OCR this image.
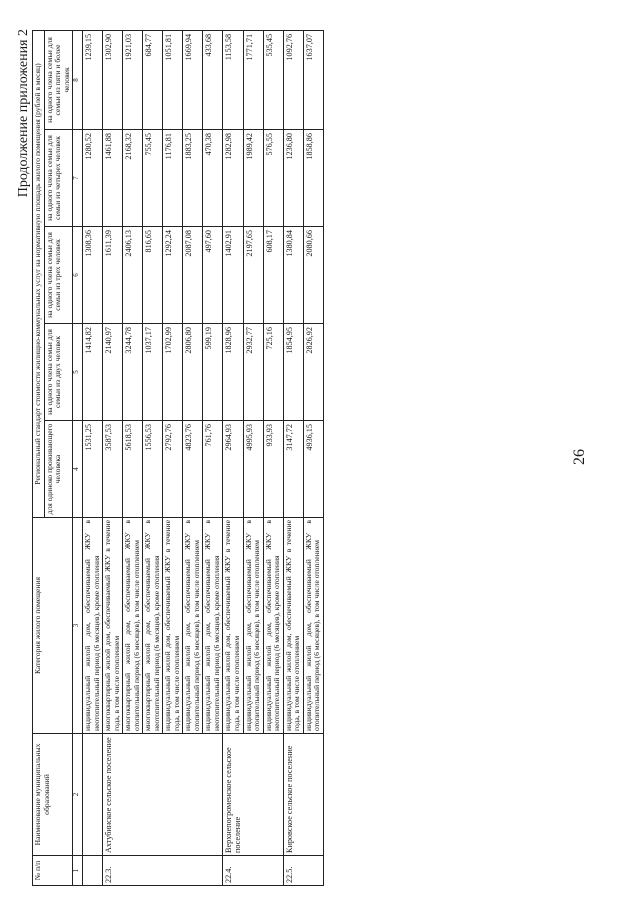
Продолжение приложения 2
№ п/п	Наименование муниципальных образований	Категория жилого помещения	Региональный стандарт стоимости жилищно-коммунальных услуг на нормативную площадь жилого помещения (рублей в месяц)				
			для одиноко проживающего человека	на одного члена семьи для семьи из двух человек	на одного члена семьи для семьи из трех человек	на одного члена семьи для семьи из четырех человек	на одного члена семьи для семьи из пяти и более человек
1	2	3	4	5	6	7	8
		индивидуальный жилой дом, обеспечиваемый ЖКУ в неотопительный период (6 месяцев), кроме отопления	1531,25	1414,82	1308,36	1280,52	1239,15
22.3.	Ахтубинское сельское поселение	многоквартирный жилой дом, обеспечиваемый ЖКУ в течение года, в том числе отоплением	3587,53	2140,97	1611,39	1461,88	1302,90
		многоквартирный жилой дом, обеспечиваемый ЖКУ в отопительный период (6 месяцев), в том числе отоплением	5618,53	3244,78	2406,13	2168,32	1921,03
		многоквартирный жилой дом, обеспечиваемый ЖКУ в неотопительный период (6 месяцев), кроме отопления	1556,53	1037,17	816,65	755,45	684,77
		индивидуальный жилой дом, обеспечиваемый ЖКУ в течение года, в том числе отоплением	2792,76	1702,99	1292,24	1176,81	1051,81
		индивидуальный жилой дом, обеспечиваемый ЖКУ в отопительный период (6 месяцев), в том числе отоплением	4823,76	2806,80	2087,08	1883,25	1669,94
		индивидуальный жилой дом, обеспечиваемый ЖКУ в неотопительный период (6 месяцев), кроме отопления	761,76	599,19	497,60	470,38	433,68
22.4.	Верхнепогроменское сельское поселение	индивидуальный жилой дом, обеспечиваемый ЖКУ в течение года, в том числе отоплением	2964,93	1828,96	1402,91	1282,98	1153,58
		индивидуальный жилой дом, обеспечиваемый ЖКУ в отопительный период (6 месяцев), в том числе отоплением	4995,93	2932,77	2197,65	1989,42	1771,71
		индивидуальный жилой дом, обеспечиваемый ЖКУ в неотопительный период (6 месяцев), кроме отопления	933,93	725,16	608,17	576,55	535,45
22.5.	Кировское сельское поселение	индивидуальный жилой дом, обеспечиваемый ЖКУ в течение года, в том числе отоплением	3147,72	1854,95	1380,84	1236,80	1092,76
		индивидуальный жилой дом, обеспечиваемый ЖКУ в отопительный период (6 месяцев), в том числе отоплением	4936,15	2826,92	2080,66	1858,86	1637,07
26
